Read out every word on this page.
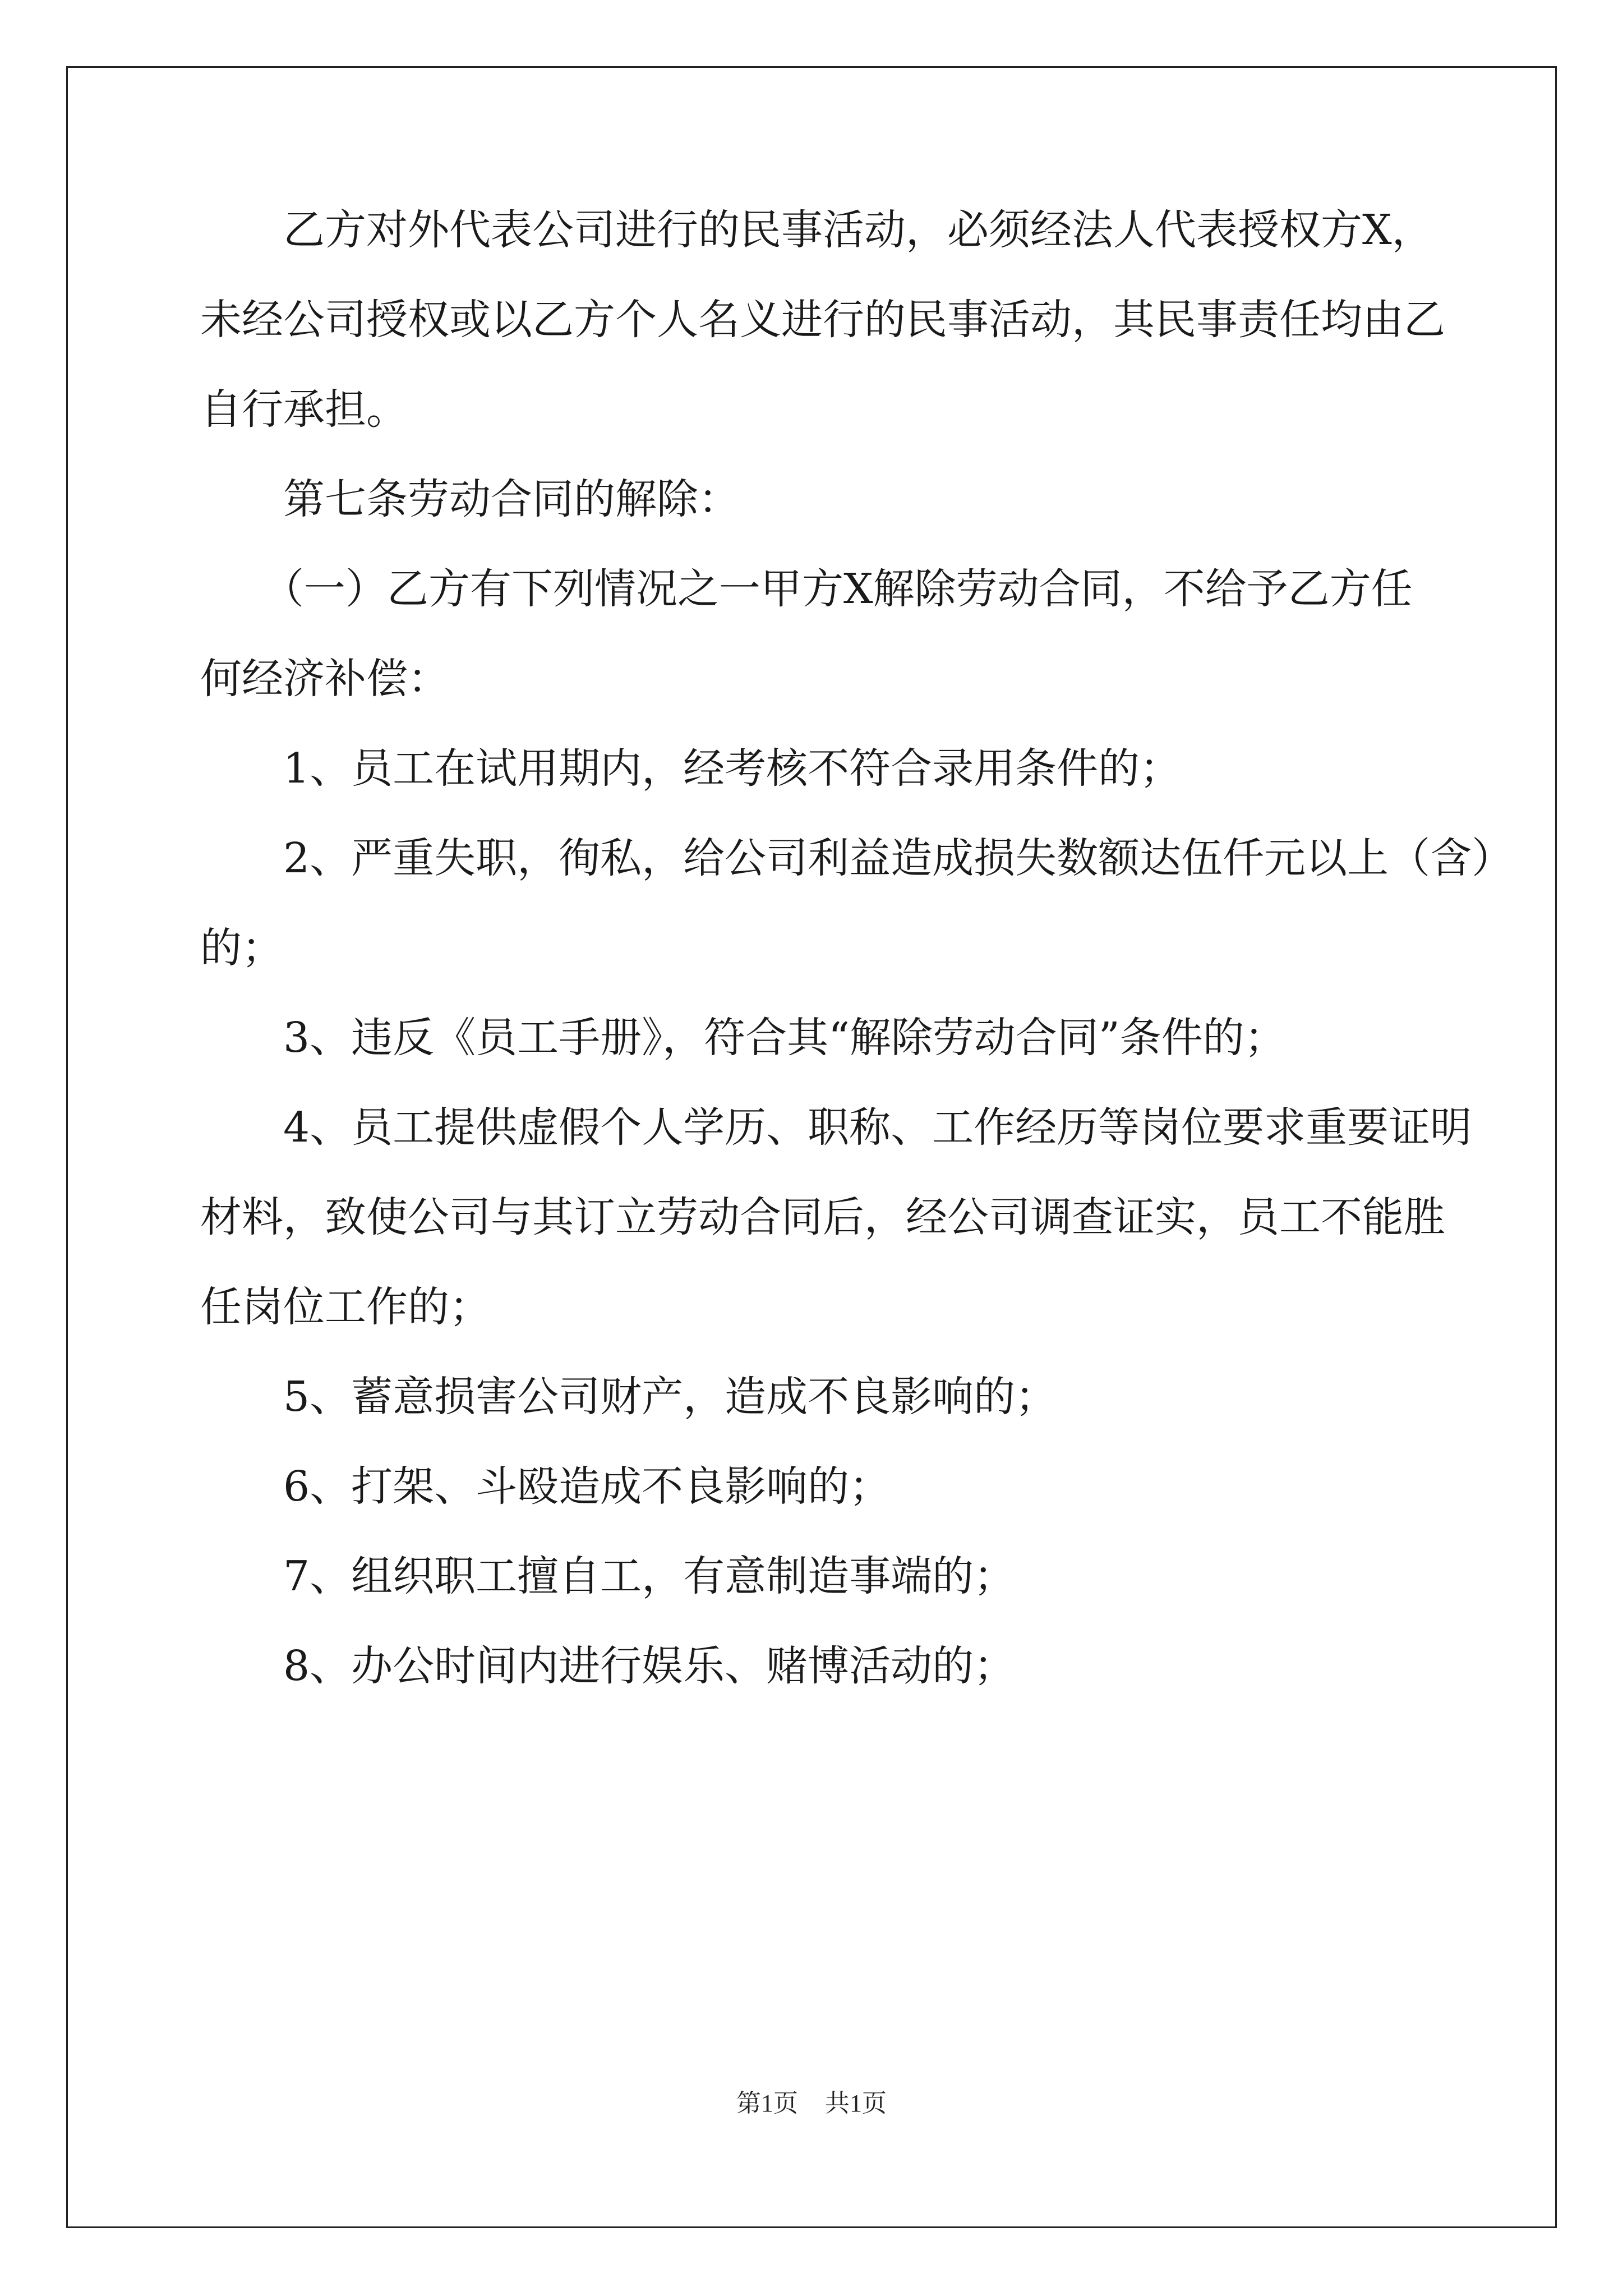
　　乙方对外代表公司进行的民事活动，必须经法人代表授权方X，
未经公司授权或以乙方个人名义进行的民事活动，其民事责任均由乙
自行承担。
　　第七条劳动合同的解除：
　　（一）乙方有下列情况之一甲方X解除劳动合同，不给予乙方任
何经济补偿：
　　1、员工在试用期内，经考核不符合录用条件的；
　　2、严重失职，徇私，给公司利益造成损失数额达伍仟元以上（含）
的；
　　3、违反《员工手册》，符合其“解除劳动合同”条件的；
　　4、员工提供虚假个人学历、职称、工作经历等岗位要求重要证明
材料，致使公司与其订立劳动合同后，经公司调查证实，员工不能胜
任岗位工作的；
　　5、蓄意损害公司财产，造成不良影响的；
　　6、打架、斗殴造成不良影响的；
　　7、组织职工擅自工，有意制造事端的；
　　8、办公时间内进行娱乐、赌博活动的；
第1页 共1页
